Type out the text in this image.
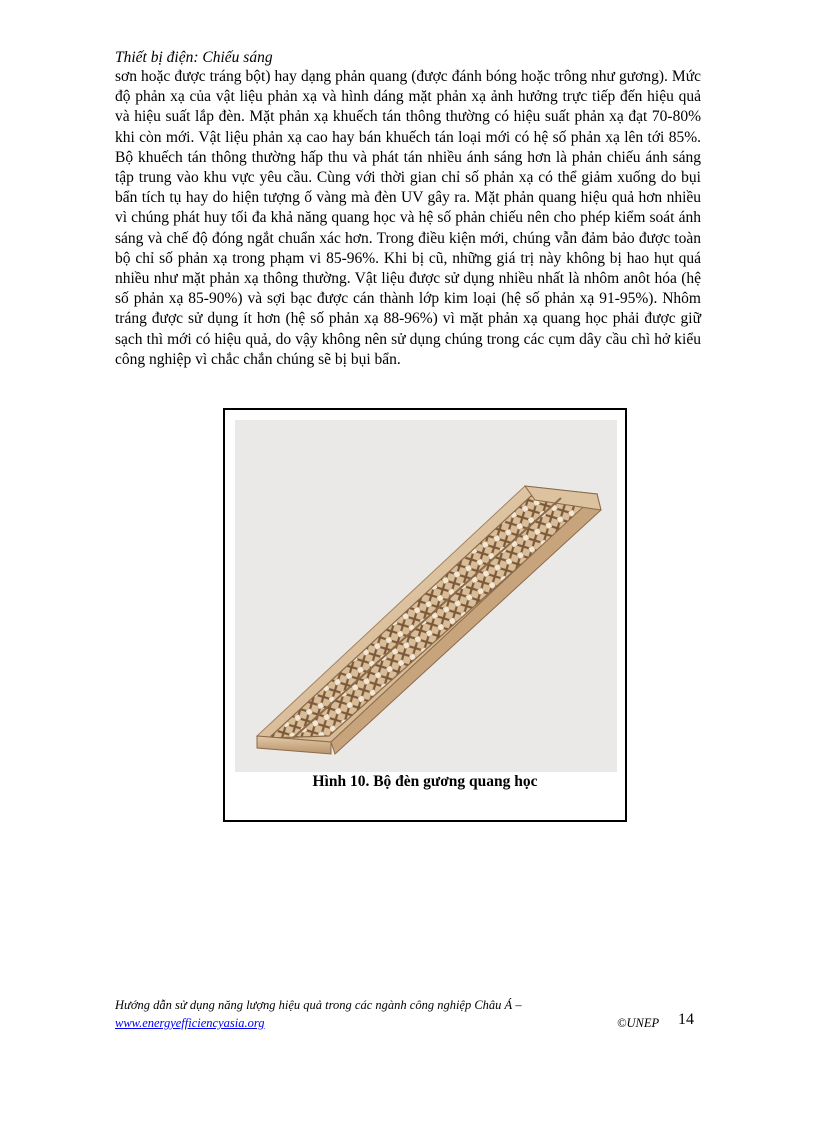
Thiết bị điện: Chiếu sáng
sơn hoặc được tráng bột) hay dạng phản quang (được đánh bóng hoặc trông như gương). Mức độ phản xạ của vật liệu phản xạ và hình dáng mặt phản xạ ảnh hưởng trực tiếp đến hiệu quả và hiệu suất lắp đèn. Mặt phản xạ khuếch tán thông thường có hiệu suất phản xạ đạt 70-80% khi còn mới. Vật liệu phản xạ cao hay bán khuếch tán loại mới có hệ số phản xạ lên tới 85%. Bộ khuếch tán thông thường hấp thu và phát tán nhiều ánh sáng hơn là phản chiếu ánh sáng tập trung vào khu vực yêu cầu. Cùng với thời gian chỉ số phản xạ có thể giảm xuống do bụi bẩn tích tụ hay do hiện tượng ố vàng mà đèn UV gây ra. Mặt phản quang hiệu quả hơn nhiều vì chúng phát huy tối đa khả năng quang học và hệ số phản chiếu nên cho phép kiểm soát ánh sáng và chế độ đóng ngắt chuẩn xác hơn. Trong điều kiện mới, chúng vẫn đảm bảo được toàn bộ chỉ số phản xạ trong phạm vi 85-96%. Khi bị cũ, những giá trị này không bị hao hụt quá nhiều như mặt phản xạ thông thường. Vật liệu được sử dụng nhiều nhất là nhôm anôt hóa (hệ số phản xạ 85-90%) và sợi bạc được cán thành lớp kim loại (hệ số phản xạ 91-95%). Nhôm tráng được sử dụng ít hơn (hệ số phản xạ 88-96%) vì mặt phản xạ quang học phải được giữ sạch thì mới có hiệu quả, do vậy không nên sử dụng chúng trong các cụm dây cầu chì hở kiểu công nghiệp vì chắc chắn chúng sẽ bị bụi bẩn.
Hình 10. Bộ đèn gương quang học
Hướng dẫn sử dụng năng lượng hiệu quả trong các ngành công nghiệp Châu Á –
www.energyefficiencyasia.org	©UNEP 14
